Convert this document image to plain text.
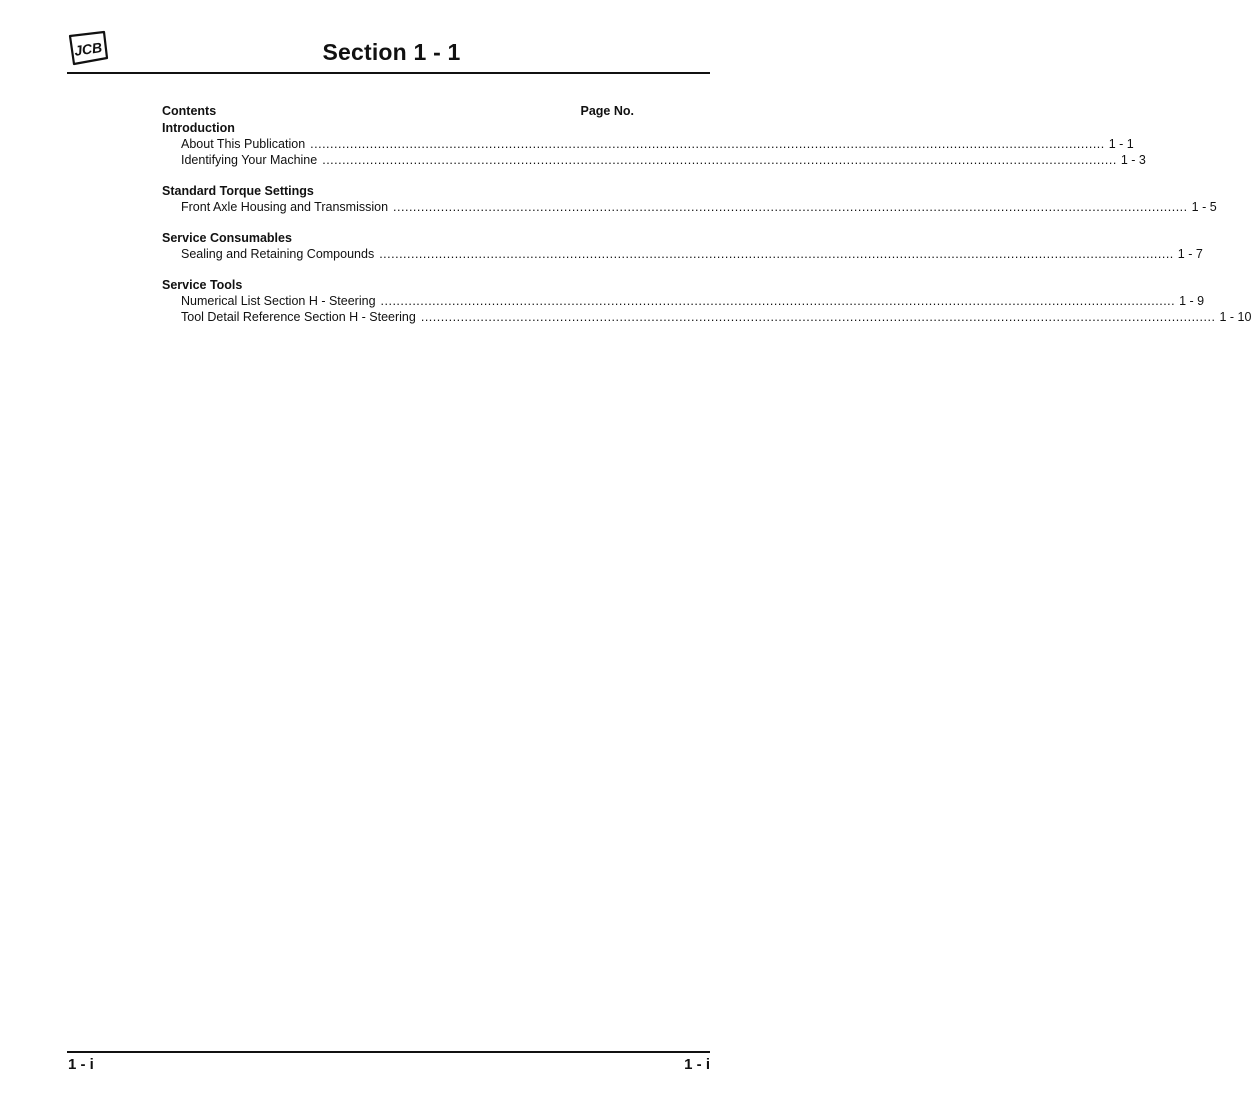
JCB	Section 1 - 1
Contents	Page No.
Introduction
About This Publication ........................................................................................................................................................................................................ 1 - 1
Identifying Your Machine ........................................................................................................................................................................................................ 1 - 3
Standard Torque Settings
Front Axle Housing and Transmission ........................................................................................................................................................................................................ 1 - 5
Service Consumables
Sealing and Retaining Compounds ........................................................................................................................................................................................................ 1 - 7
Service Tools
Numerical List Section H - Steering ........................................................................................................................................................................................................ 1 - 9
Tool Detail Reference Section H - Steering ........................................................................................................................................................................................................ 1 - 10
1 - i	1 - i
